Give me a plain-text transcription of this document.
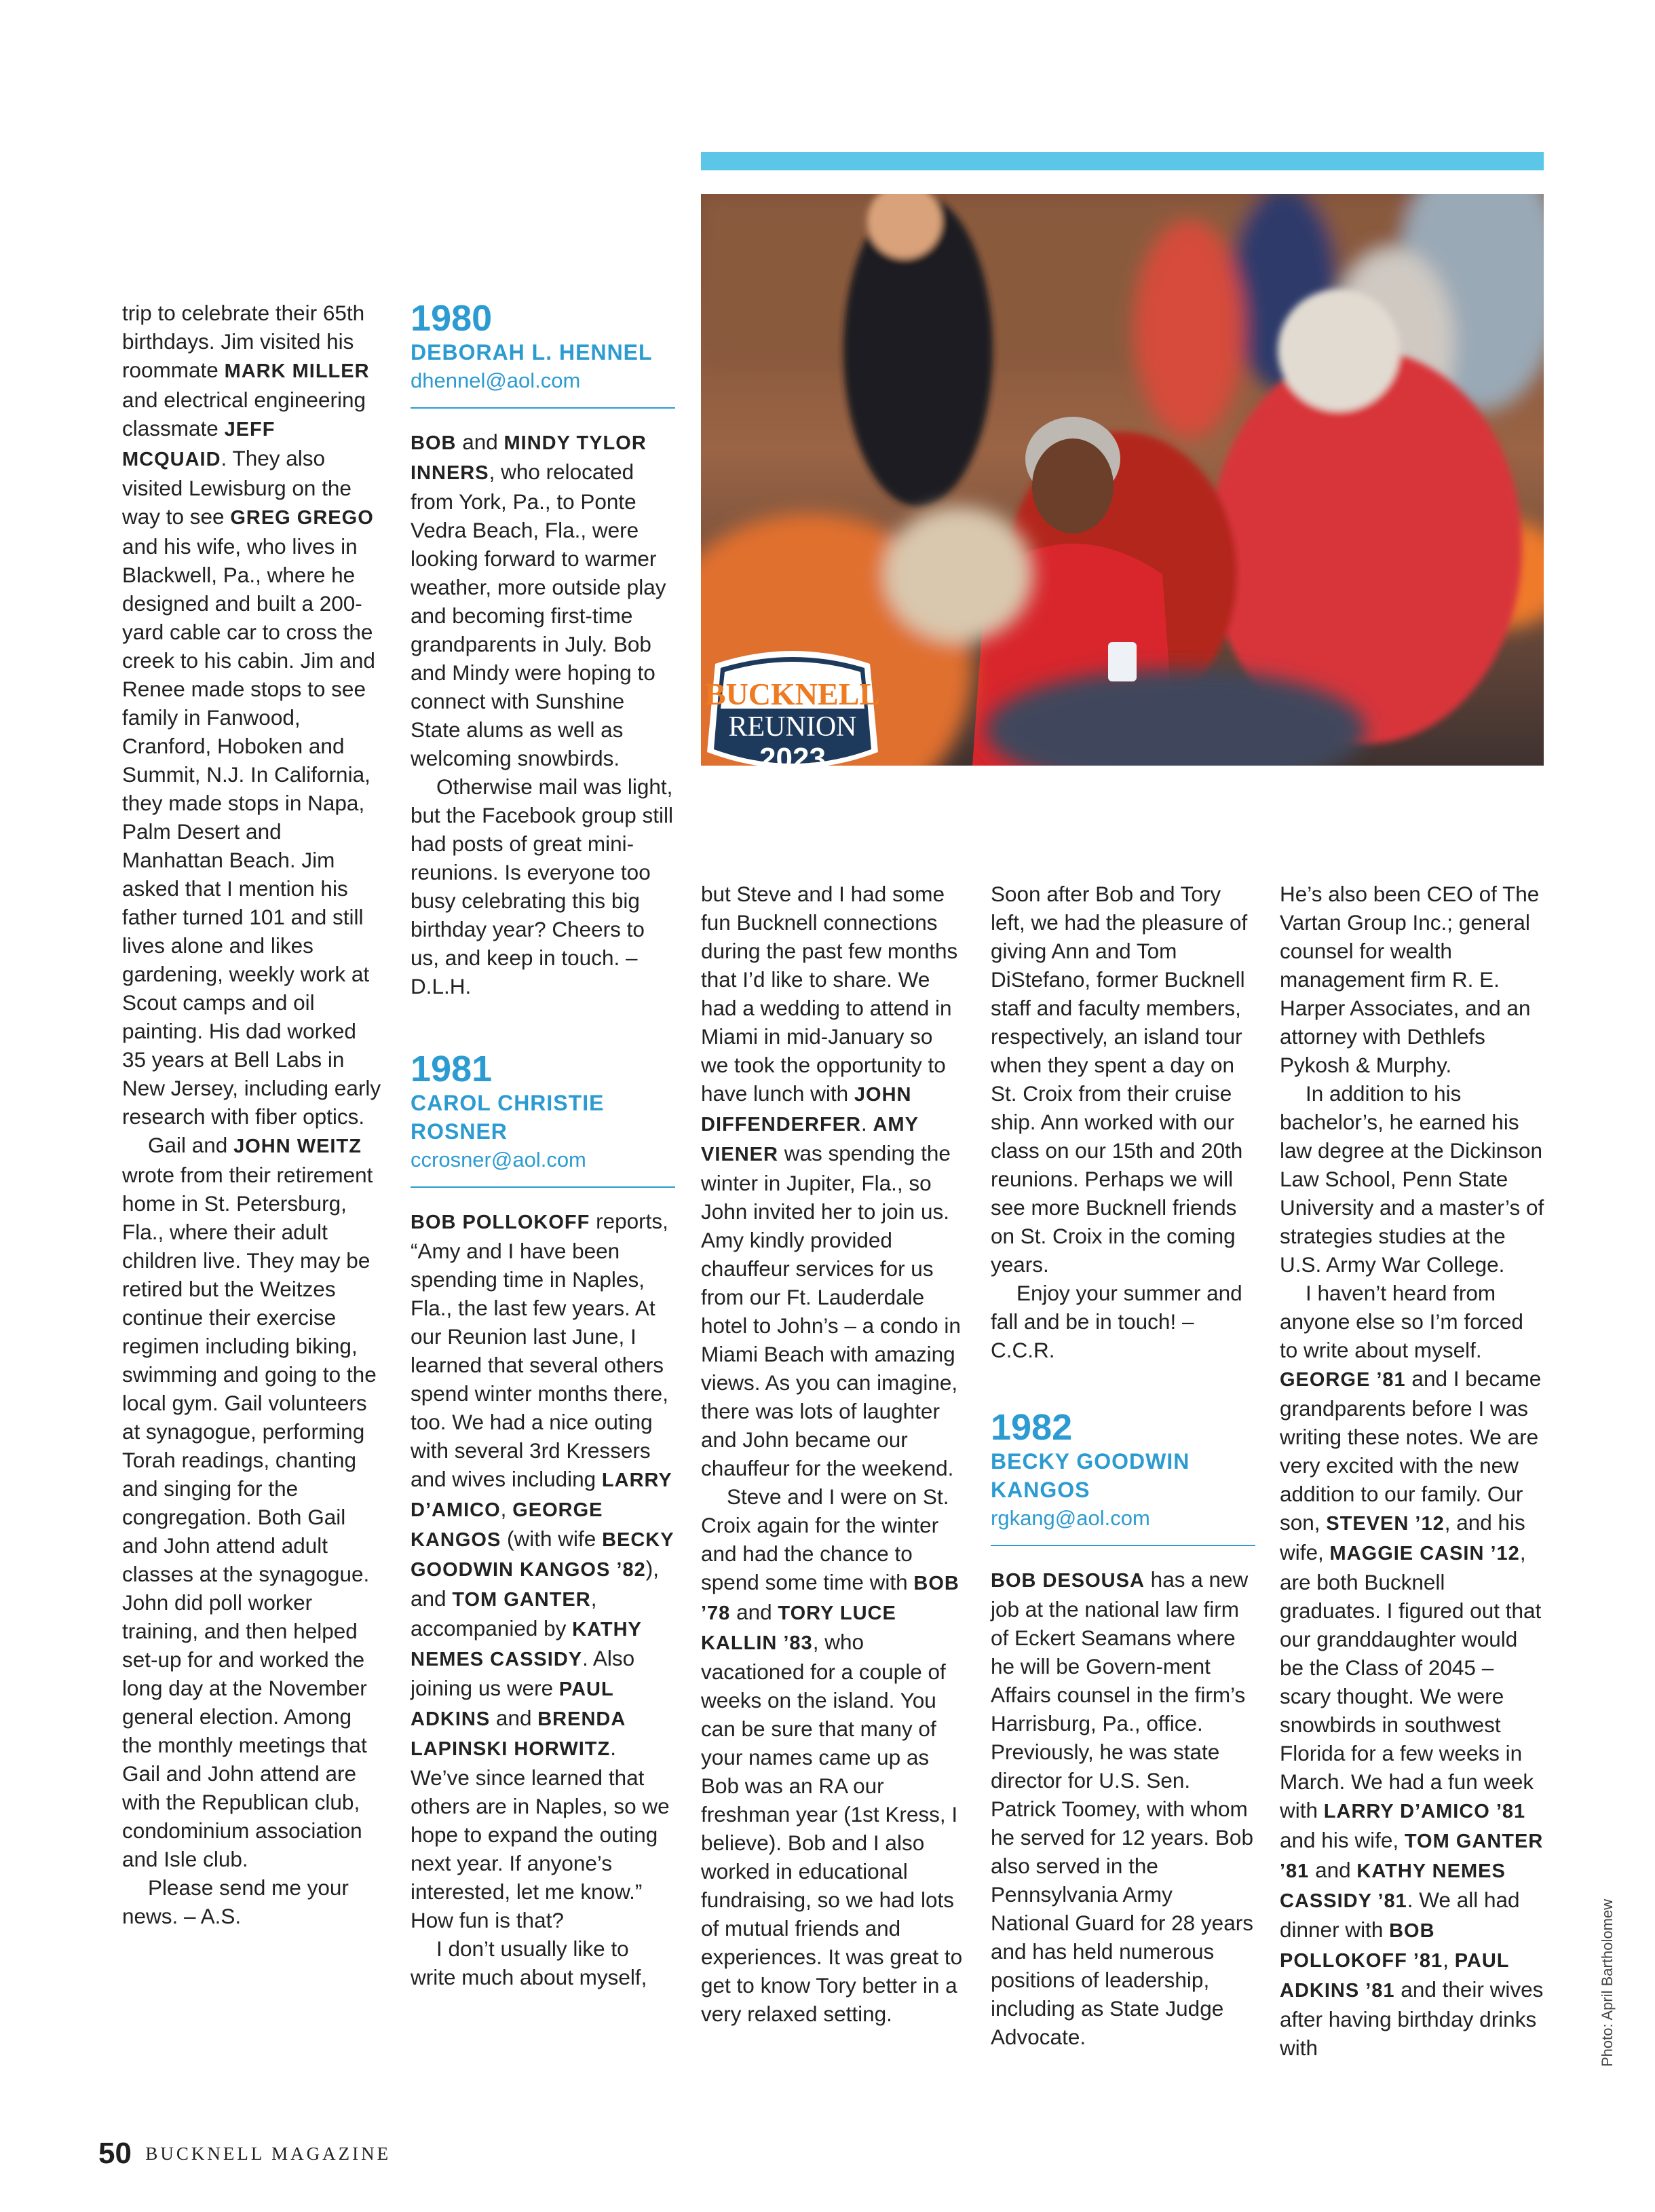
trip to celebrate their 65th birthdays. Jim visited his roommate MARK MILLER and electrical engineering classmate JEFF MCQUAID. They also visited Lewisburg on the way to see GREG GREGO and his wife, who lives in Blackwell, Pa., where he designed and built a 200-yard cable car to cross the creek to his cabin. Jim and Renee made stops to see family in Fanwood, Cranford, Hoboken and Summit, N.J. In California, they made stops in Napa, Palm Desert and Manhattan Beach. Jim asked that I mention his father turned 101 and still lives alone and likes gardening, weekly work at Scout camps and oil painting. His dad worked 35 years at Bell Labs in New Jersey, including early research with fiber optics.

Gail and JOHN WEITZ wrote from their retirement home in St. Petersburg, Fla., where their adult children live. They may be retired but the Weitzes continue their exercise regimen including biking, swimming and going to the local gym. Gail volunteers at synagogue, performing Torah readings, chanting and singing for the congregation. Both Gail and John attend adult classes at the synagogue. John did poll worker training, and then helped set-up for and worked the long day at the November general election. Among the monthly meetings that Gail and John attend are with the Republican club, condominium association and Isle club.

Please send me your news. – A.S.

1980

DEBORAH L. HENNEL

dhennel@aol.com

BOB and MINDY TYLOR INNERS, who relocated from York, Pa., to Ponte Vedra Beach, Fla., were looking forward to warmer weather, more outside play and becoming first-time grandparents in July. Bob and Mindy were hoping to connect with Sunshine State alums as well as welcoming snowbirds.

Otherwise mail was light, but the Facebook group still had posts of great mini-reunions. Is everyone too busy celebrating this big birthday year? Cheers to us, and keep in touch. – D.L.H.

1981

CAROL CHRISTIE ROSNER

ccrosner@aol.com

BOB POLLOKOFF reports, “Amy and I have been spending time in Naples, Fla., the last few years. At our Reunion last June, I learned that several others spend winter months there, too. We had a nice outing with several 3rd Kressers and wives including LARRY D’AMICO, GEORGE KANGOS (with wife BECKY GOODWIN KANGOS ’82), and TOM GANTER, accompanied by KATHY NEMES CASSIDY. Also joining us were PAUL ADKINS and BRENDA LAPINSKI HORWITZ. We’ve since learned that others are in Naples, so we hope to expand the outing next year. If anyone’s interested, let me know.” How fun is that?

I don’t usually like to write much about myself,

but Steve and I had some fun Bucknell connections during the past few months that I’d like to share. We had a wedding to attend in Miami in mid-January so we took the opportunity to have lunch with JOHN DIFFENDERFER. AMY VIENER was spending the winter in Jupiter, Fla., so John invited her to join us. Amy kindly provided chauffeur services for us from our Ft. Lauderdale hotel to John’s – a condo in Miami Beach with amazing views. As you can imagine, there was lots of laughter and John became our chauffeur for the weekend.

Steve and I were on St. Croix again for the winter and had the chance to spend some time with BOB ’78 and TORY LUCE KALLIN ’83, who vacationed for a couple of weeks on the island. You can be sure that many of your names came up as Bob was an RA our freshman year (1st Kress, I believe). Bob and I also worked in educational fundraising, so we had lots of mutual friends and experiences. It was great to get to know Tory better in a very relaxed setting.

Soon after Bob and Tory left, we had the pleasure of giving Ann and Tom DiStefano, former Bucknell staff and faculty members, respectively, an island tour when they spent a day on St. Croix from their cruise ship. Ann worked with our class on our 15th and 20th reunions. Perhaps we will see more Bucknell friends on St. Croix in the coming years.

Enjoy your summer and fall and be in touch! – C.C.R.

1982

BECKY GOODWIN KANGOS

rgkang@aol.com

BOB DESOUSA has a new job at the national law firm of Eckert Seamans where he will be Govern-ment Affairs counsel in the firm’s Harrisburg, Pa., office. Previously, he was state director for U.S. Sen. Patrick Toomey, with whom he served for 12 years. Bob also served in the Pennsylvania Army National Guard for 28 years and has held numerous positions of leadership, including as State Judge Advocate.

He’s also been CEO of The Vartan Group Inc.; general counsel for wealth management firm R. E. Harper Associates, and an attorney with Dethlefs Pykosh & Murphy.

In addition to his bachelor’s, he earned his law degree at the Dickinson Law School, Penn State University and a master’s of strategies studies at the U.S. Army War College.

I haven’t heard from anyone else so I’m forced to write about myself. GEORGE ’81 and I became grandparents before I was writing these notes. We are very excited with the new addition to our family. Our son, STEVEN ’12, and his wife, MAGGIE CASIN ’12, are both Bucknell graduates. I figured out that our granddaughter would be the Class of 2045 – scary thought. We were snowbirds in southwest Florida for a few weeks in March. We had a fun week with LARRY D’AMICO ’81 and his wife, TOM GANTER ’81 and KATHY NEMES CASSIDY ’81. We all had dinner with BOB POLLOKOFF ’81, PAUL ADKINS ’81 and their wives after having birthday drinks with

BUCKNELL
REUNION
2023
Photo: April Bartholomew
50 BUCKNELL MAGAZINE
